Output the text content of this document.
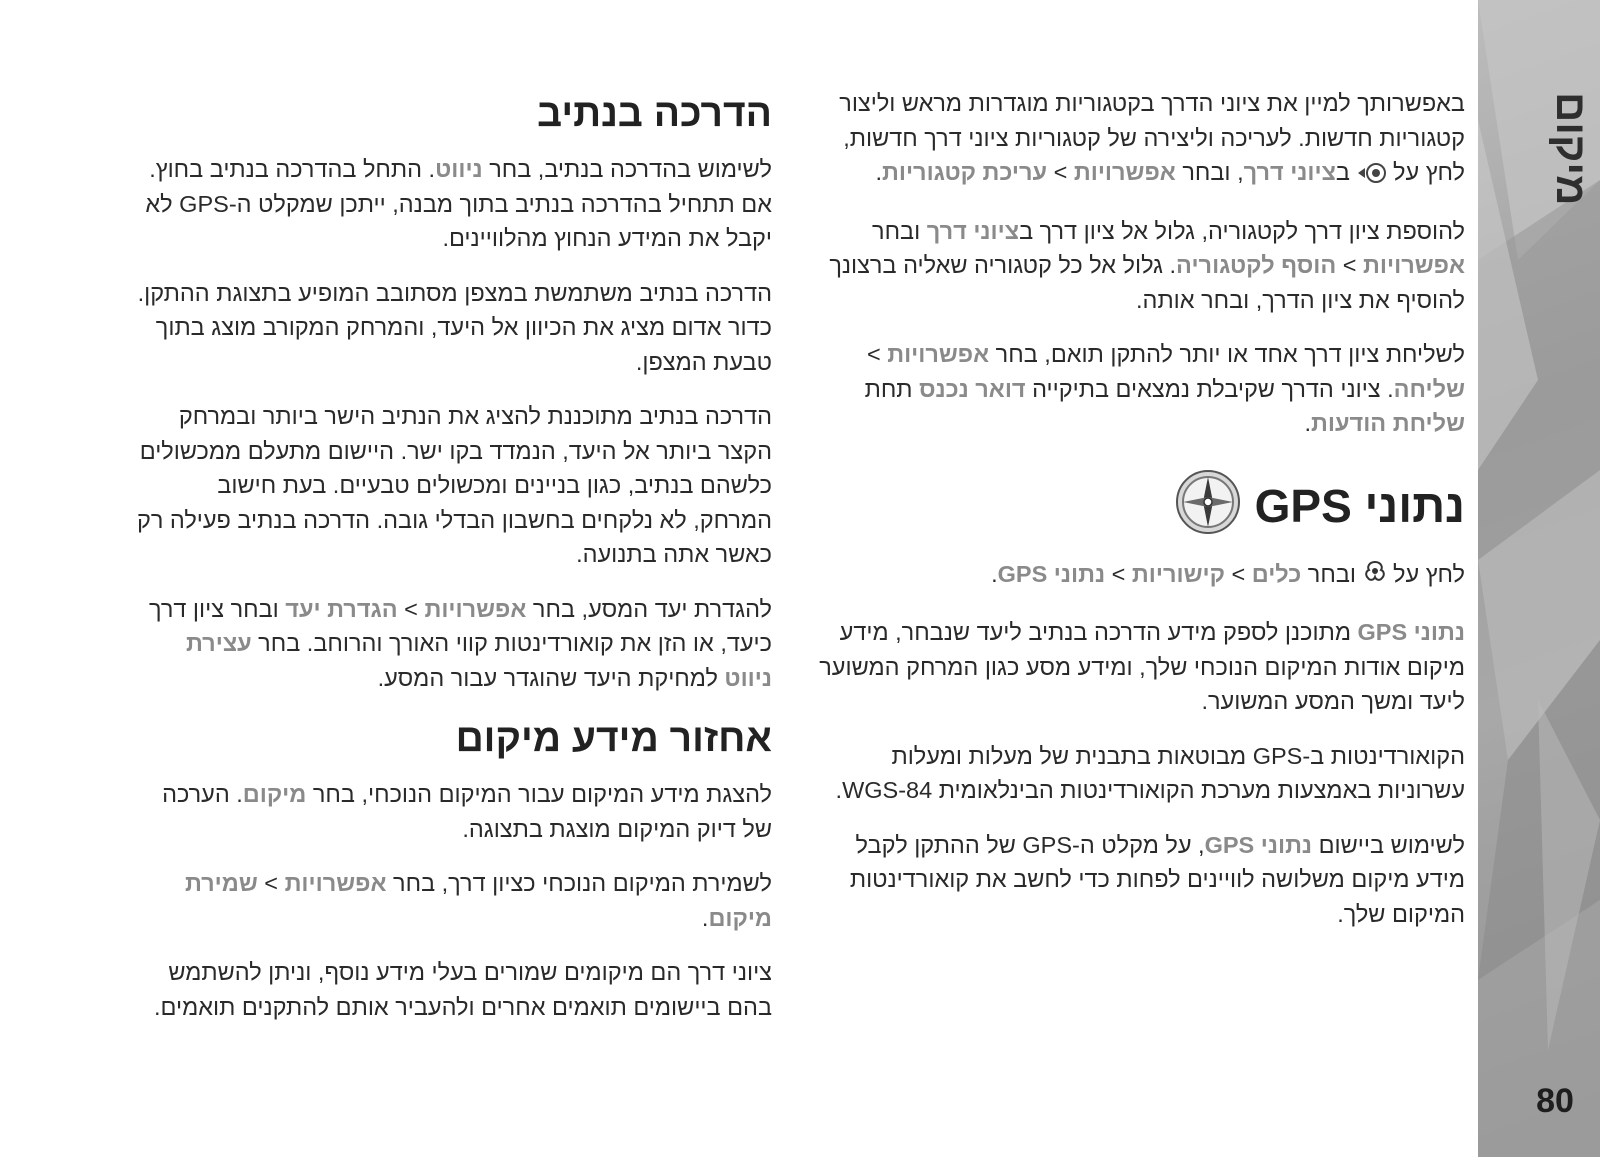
מיקום
80

באפשרותך למיין את ציוני הדרך בקטגוריות מוגדרות מראש וליצור קטגוריות חדשות. לעריכה וליצירה של קטגוריות ציוני דרך חדשות, לחץ על  בציוני דרך, ובחר אפשרויות > עריכת קטגוריות.

להוספת ציון דרך לקטגוריה, גלול אל ציון דרך בציוני דרך ובחר אפשרויות > הוסף לקטגוריה. גלול אל כל קטגוריה שאליה ברצונך להוסיף את ציון הדרך, ובחר אותה.

לשליחת ציון דרך אחד או יותר להתקן תואם, בחר אפשרויות > שליחה. ציוני הדרך שקיבלת נמצאים בתיקייה דואר נכנס תחת שליחת הודעות.

נתוני GPS

לחץ על  ובחר כלים > קישוריות > נתוני GPS.

נתוני GPS מתוכנן לספק מידע הדרכה בנתיב ליעד שנבחר, מידע מיקום אודות המיקום הנוכחי שלך, ומידע מסע כגון המרחק המשוער ליעד ומשך המסע המשוער.

הקואורדינטות ב-GPS מבוטאות בתבנית של מעלות ומעלות עשרוניות באמצעות מערכת הקואורדינטות הבינלאומית WGS-84.

לשימוש ביישום נתוני GPS, על מקלט ה-GPS של ההתקן לקבל מידע מיקום משלושה לוויינים לפחות כדי לחשב את קואורדינטות המיקום שלך.

הדרכה בנתיב

לשימוש בהדרכה בנתיב, בחר ניווט. התחל בהדרכה בנתיב בחוץ. אם תתחיל בהדרכה בנתיב בתוך מבנה, ייתכן שמקלט ה-GPS לא יקבל את המידע הנחוץ מהלוויינים.

הדרכה בנתיב משתמשת במצפן מסתובב המופיע בתצוגת ההתקן. כדור אדום מציג את הכיוון אל היעד, והמרחק המקורב מוצג בתוך טבעת המצפן.

הדרכה בנתיב מתוכננת להציג את הנתיב הישר ביותר ובמרחק הקצר ביותר אל היעד, הנמדד בקו ישר. היישום מתעלם ממכשולים כלשהם בנתיב, כגון בניינים ומכשולים טבעיים. בעת חישוב המרחק, לא נלקחים בחשבון הבדלי גובה. הדרכה בנתיב פעילה רק כאשר אתה בתנועה.

להגדרת יעד המסע, בחר אפשרויות > הגדרת יעד ובחר ציון דרך כיעד, או הזן את קואורדינטות קווי האורך והרוחב. בחר עצירת ניווט למחיקת היעד שהוגדר עבור המסע.

אחזור מידע מיקום

להצגת מידע המיקום עבור המיקום הנוכחי, בחר מיקום. הערכה של דיוק המיקום מוצגת בתצוגה.

לשמירת המיקום הנוכחי כציון דרך, בחר אפשרויות > שמירת מיקום.

ציוני דרך הם מיקומים שמורים בעלי מידע נוסף, וניתן להשתמש בהם ביישומים תואמים אחרים ולהעביר אותם להתקנים תואמים.
